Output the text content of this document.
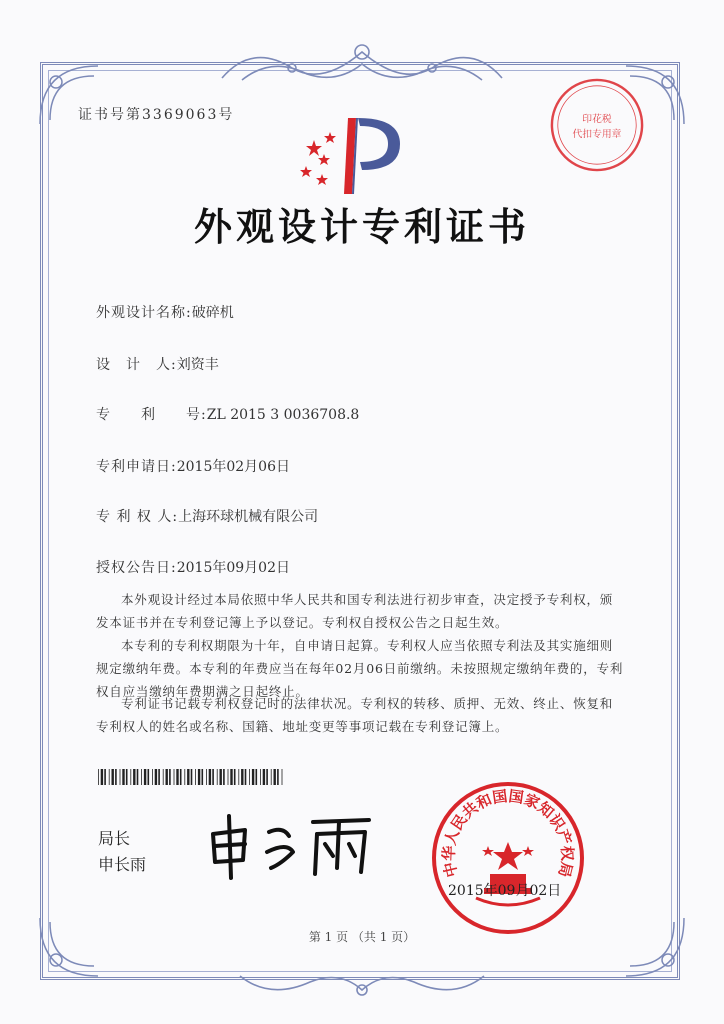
证书号第3369063号	印花税
代扣专用章
外观设计专利证书
外观设计名称:破碎机
设　计　人:刘资丰
专　　利　　号:ZL 2015 3 0036708.8
专利申请日:2015年02月06日
专 利 权 人:上海环球机械有限公司
授权公告日:2015年09月02日
本外观设计经过本局依照中华人民共和国专利法进行初步审查，决定授予专利权，颁发本证书并在专利登记簿上予以登记。专利权自授权公告之日起生效。
本专利的专利权期限为十年，自申请日起算。专利权人应当依照专利法及其实施细则规定缴纳年费。本专利的年费应当在每年02月06日前缴纳。未按照规定缴纳年费的，专利权自应当缴纳年费期满之日起终止。
专利证书记载专利权登记时的法律状况。专利权的转移、质押、无效、终止、恢复和专利权人的姓名或名称、国籍、地址变更等事项记载在专利登记簿上。
局长
申长雨	中华人民共和国国家知识产权局
2015年09月02日
第 1 页 （共 1 页）
